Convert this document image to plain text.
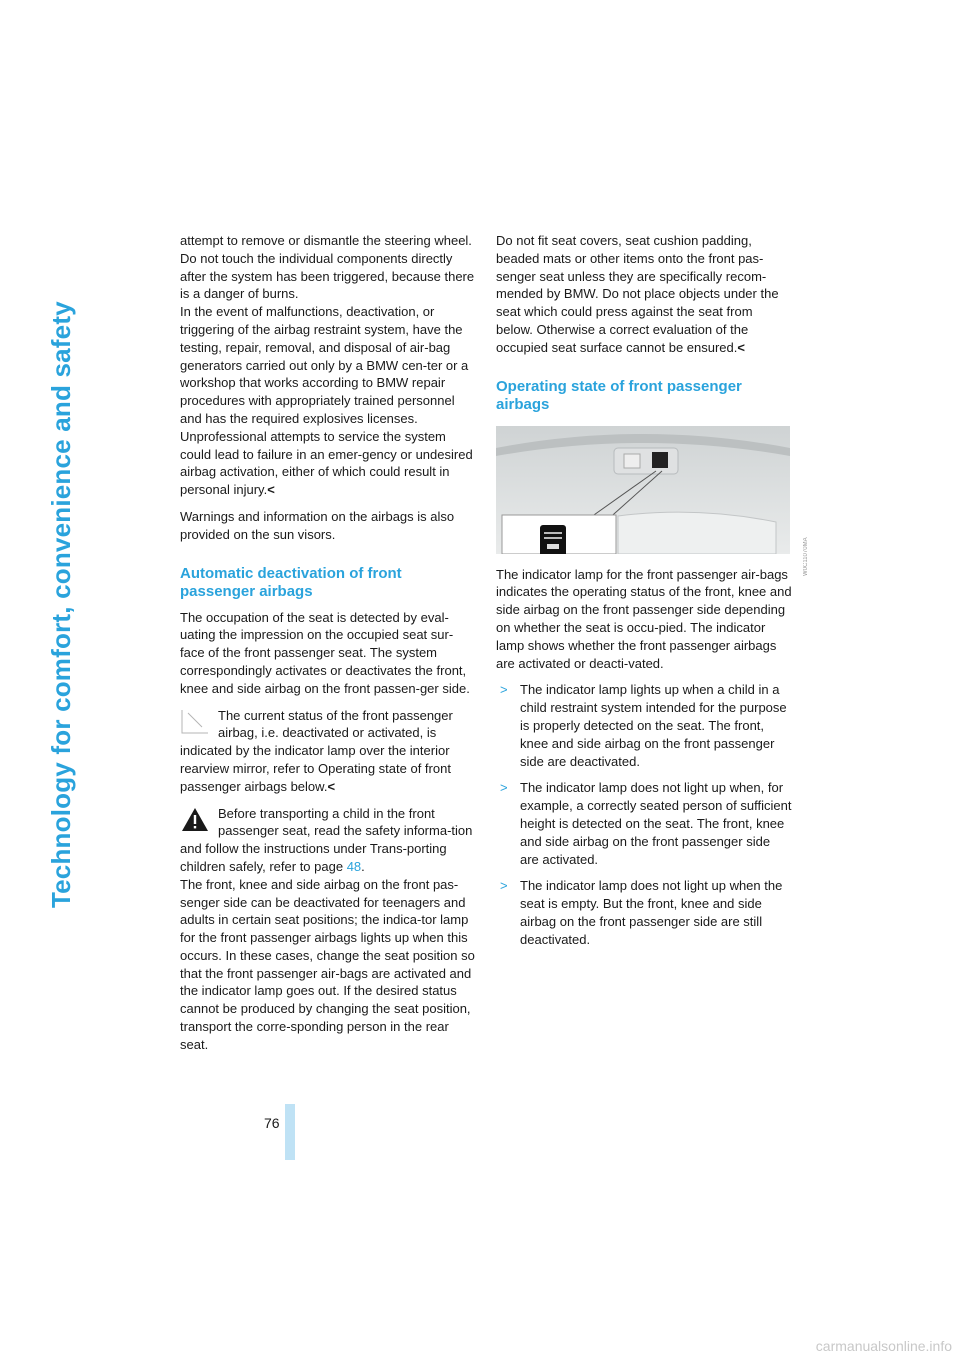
Technology for comfort, convenience and safety

attempt to remove or dismantle the steering wheel.

Do not touch the individual components directly after the system has been triggered, because there is a danger of burns.

In the event of malfunctions, deactivation, or triggering of the airbag restraint system, have the testing, repair, removal, and disposal of air-bag generators carried out only by a BMW cen-ter or a workshop that works according to BMW repair procedures with appropriately trained personnel and has the required explosives licenses. Unprofessional attempts to service the system could lead to failure in an emer-gency or undesired airbag activation, either of which could result in personal injury.<

Warnings and information on the airbags is also provided on the sun visors.

Automatic deactivation of front passenger airbags

The occupation of the seat is detected by eval-uating the impression on the occupied seat sur-face of the front passenger seat. The system correspondingly activates or deactivates the front, knee and side airbag on the front passen-ger side.

The current status of the front passenger airbag, i.e. deactivated or activated, is indicated by the indicator lamp over the interior rearview mirror, refer to Operating state of front passenger airbags below.<

Before transporting a child in the front passenger seat, read the safety informa-tion and follow the instructions under Trans-porting children safely, refer to page 48.

The front, knee and side airbag on the front pas-senger side can be deactivated for teenagers and adults in certain seat positions; the indica-tor lamp for the front passenger airbags lights up when this occurs. In these cases, change the seat position so that the front passenger air-bags are activated and the indicator lamp goes out. If the desired status cannot be produced by changing the seat position, transport the corre-sponding person in the rear seat.

Do not fit seat covers, seat cushion padding, beaded mats or other items onto the front pas-senger seat unless they are specifically recom-mended by BMW. Do not place objects under the seat which could press against the seat from below. Otherwise a correct evaluation of the occupied seat surface cannot be ensured.<

Operating state of front passenger airbags
W0C11070MA

The indicator lamp for the front passenger air-bags indicates the operating status of the front, knee and side airbag on the front passenger side depending on whether the seat is occu-pied. The indicator lamp shows whether the front passenger airbags are activated or deacti-vated.

> The indicator lamp lights up when a child in a child restraint system intended for the purpose is properly detected on the seat. The front, knee and side airbag on the front passenger side are deactivated.
> The indicator lamp does not light up when, for example, a correctly seated person of sufficient height is detected on the seat. The front, knee and side airbag on the front passenger side are activated.
> The indicator lamp does not light up when the seat is empty. But the front, knee and side airbag on the front passenger side are still deactivated.
76
carmanualsonline.info
